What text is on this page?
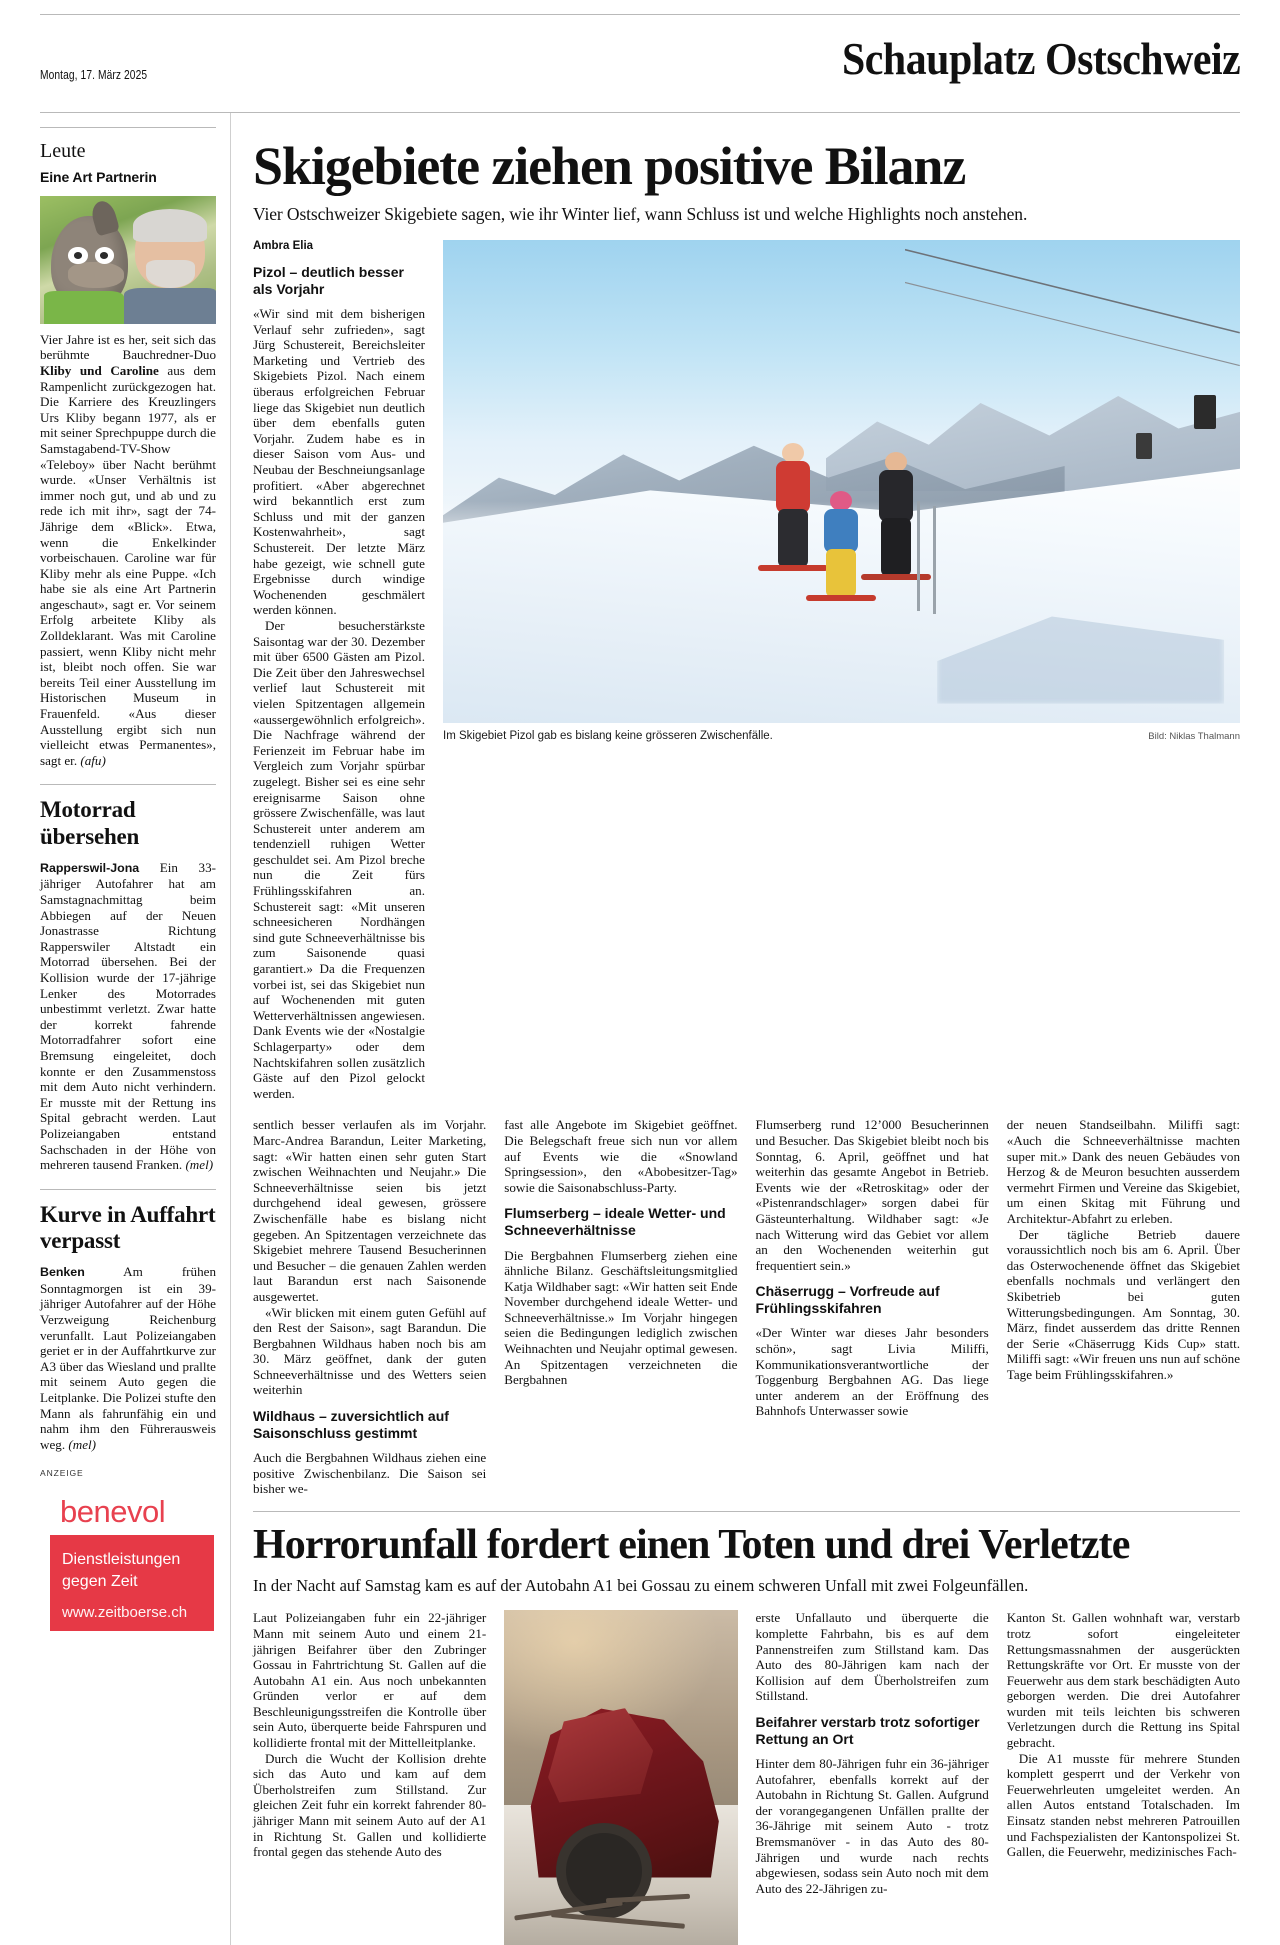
Montag, 17. März 2025	Schauplatz Ostschweiz
Leute
Eine Art Partnerin

Vier Jahre ist es her, seit sich das berühmte Bauchredner-Duo Kliby und Caroline aus dem Rampenlicht zurückgezogen hat. Die Karriere des Kreuzlingers Urs Kliby begann 1977, als er mit seiner Sprechpuppe durch die Samstagabend-TV-Show «Teleboy» über Nacht berühmt wurde. «Unser Verhältnis ist immer noch gut, und ab und zu rede ich mit ihr», sagt der 74-Jährige dem «Blick». Etwa, wenn die Enkelkinder vorbeischauen. Caroline war für Kliby mehr als eine Puppe. «Ich habe sie als eine Art Partnerin angeschaut», sagt er. Vor seinem Erfolg arbeitete Kliby als Zolldeklarant. Was mit Caroline passiert, wenn Kliby nicht mehr ist, bleibt noch offen. Sie war bereits Teil einer Ausstellung im Historischen Museum in Frauenfeld. «Aus dieser Ausstellung ergibt sich nun vielleicht etwas Permanentes», sagt er. (afu)

Motorrad übersehen

Rapperswil-Jona Ein 33-jähriger Autofahrer hat am Samstagnachmittag beim Abbiegen auf der Neuen Jonastrasse Richtung Rapperswiler Altstadt ein Motorrad übersehen. Bei der Kollision wurde der 17-jährige Lenker des Motorrades unbestimmt verletzt. Zwar hatte der korrekt fahrende Motorradfahrer sofort eine Bremsung eingeleitet, doch konnte er den Zusammenstoss mit dem Auto nicht verhindern. Er musste mit der Rettung ins Spital gebracht werden. Laut Polizeiangaben entstand Sachschaden in der Höhe von mehreren tausend Franken. (mel)

Kurve in Auffahrt verpasst

Benken Am frühen Sonntagmorgen ist ein 39-jähriger Autofahrer auf der Höhe Verzweigung Reichenburg verunfallt. Laut Polizeiangaben geriet er in der Auffahrtkurve zur A3 über das Wiesland und prallte mit seinem Auto gegen die Leitplanke. Die Polizei stufte den Mann als fahrunfähig ein und nahm ihm den Führerausweis weg. (mel)

ANZEIGE
benevol
Dienstleistungen
gegen Zeit
www.zeitboerse.ch
Skigebiete ziehen positive Bilanz

Vier Ostschweizer Skigebiete sagen, wie ihr Winter lief, wann Schluss ist und welche Highlights noch anstehen.

Ambra Elia
Pizol – deutlich besser als Vorjahr

«Wir sind mit dem bisherigen Verlauf sehr zufrieden», sagt Jürg Schustereit, Bereichsleiter Marketing und Vertrieb des Skigebiets Pizol. Nach einem überaus erfolgreichen Februar liege das Skigebiet nun deutlich über dem ebenfalls guten Vorjahr. Zudem habe es in dieser Saison vom Aus- und Neubau der Beschneiungsanlage profitiert. «Aber abgerechnet wird bekanntlich erst zum Schluss und mit der ganzen Kostenwahrheit», sagt Schustereit. Der letzte März habe gezeigt, wie schnell gute Ergebnisse durch windige Wochenenden geschmälert werden können.

Der besucherstärkste Saisontag war der 30. Dezember mit über 6500 Gästen am Pizol. Die Zeit über den Jahreswechsel verlief laut Schustereit mit vielen Spitzentagen allgemein «aussergewöhnlich erfolgreich». Die Nachfrage während der Ferienzeit im Februar habe im Vergleich zum Vorjahr spürbar zugelegt. Bisher sei es eine sehr ereignisarme Saison ohne grössere Zwischenfälle, was laut Schustereit unter anderem am tendenziell ruhigen Wetter geschuldet sei. Am Pizol breche nun die Zeit fürs Frühlingsskifahren an. Schustereit sagt: «Mit unseren schneesicheren Nordhängen sind gute Schneeverhältnisse bis zum Saisonende quasi garantiert.» Da die Frequenzen vorbei ist, sei das Skigebiet nun auf Wochenenden mit guten Wetterverhältnissen angewiesen. Dank Events wie der «Nostalgie Schlagerparty» oder dem Nachtskifahren sollen zusätzlich Gäste auf den Pizol gelockt werden.

Im Skigebiet Pizol gab es bislang keine grösseren Zwischenfälle.	Bild: Niklas Thalmann

sentlich besser verlaufen als im Vorjahr. Marc-Andrea Barandun, Leiter Marketing, sagt: «Wir hatten einen sehr guten Start zwischen Weihnachten und Neujahr.» Die Schneeverhältnisse seien bis jetzt durchgehend ideal gewesen, grössere Zwischenfälle habe es bislang nicht gegeben. An Spitzentagen verzeichnete das Skigebiet mehrere Tausend Besucherinnen und Besucher – die genauen Zahlen werden laut Barandun erst nach Saisonende ausgewertet.

«Wir blicken mit einem guten Gefühl auf den Rest der Saison», sagt Barandun. Die Bergbahnen Wildhaus haben noch bis am 30. März geöffnet, dank der guten Schneeverhältnisse und des Wetters seien weiterhin

Wildhaus – zuversichtlich auf Saisonschluss gestimmt

Auch die Bergbahnen Wildhaus ziehen eine positive Zwischenbilanz. Die Saison sei bisher we-

fast alle Angebote im Skigebiet geöffnet. Die Belegschaft freue sich nun vor allem auf Events wie die «Snowland Springsession», den «Abobesitzer-Tag» sowie die Saisonabschluss-Party.

Flumserberg – ideale Wetter- und Schneeverhältnisse

Die Bergbahnen Flumserberg ziehen eine ähnliche Bilanz. Geschäftsleitungsmitglied Katja Wildhaber sagt: «Wir hatten seit Ende November durchgehend ideale Wetter- und Schneeverhältnisse.» Im Vorjahr hingegen seien die Bedingungen lediglich zwischen Weihnachten und Neujahr optimal gewesen. An Spitzentagen verzeichneten die Bergbahnen

Flumserberg rund 12’000 Besucherinnen und Besucher. Das Skigebiet bleibt noch bis Sonntag, 6. April, geöffnet und hat weiterhin das gesamte Angebot in Betrieb. Events wie der «Retroskitag» oder der «Pistenrandschlager» sorgen dabei für Gästeunterhaltung. Wildhaber sagt: «Je nach Witterung wird das Gebiet vor allem an den Wochenenden weiterhin gut frequentiert sein.»

Chäserrugg – Vorfreude auf Frühlingsskifahren

«Der Winter war dieses Jahr besonders schön», sagt Livia Miliffi, Kommunikationsverantwortliche der Toggenburg Bergbahnen AG. Das liege unter anderem an der Eröffnung des Bahnhofs Unterwasser sowie

der neuen Standseilbahn. Miliffi sagt: «Auch die Schneeverhältnisse machten super mit.» Dank des neuen Gebäudes von Herzog & de Meuron besuchten ausserdem vermehrt Firmen und Vereine das Skigebiet, um einen Skitag mit Führung und Architektur-Abfahrt zu erleben.

Der tägliche Betrieb dauere voraussichtlich noch bis am 6. April. Über das Osterwochenende öffnet das Skigebiet ebenfalls nochmals und verlängert den Skibetrieb bei guten Witterungsbedingungen. Am Sonntag, 30. März, findet ausserdem das dritte Rennen der Serie «Chäserrugg Kids Cup» statt. Miliffi sagt: «Wir freuen uns nun auf schöne Tage beim Frühlingsskifahren.»

Horrorunfall fordert einen Toten und drei Verletzte

In der Nacht auf Samstag kam es auf der Autobahn A1 bei Gossau zu einem schweren Unfall mit zwei Folgeunfällen.

Laut Polizeiangaben fuhr ein 22-jähriger Mann mit seinem Auto und einem 21-jährigen Beifahrer über den Zubringer Gossau in Fahrtrichtung St. Gallen auf die Autobahn A1 ein. Aus noch unbekannten Gründen verlor er auf dem Beschleunigungsstreifen die Kontrolle über sein Auto, überquerte beide Fahrspuren und kollidierte frontal mit der Mittelleitplanke.

Durch die Wucht der Kollision drehte sich das Auto und kam auf dem Überholstreifen zum Stillstand. Zur gleichen Zeit fuhr ein korrekt fahrender 80-jähriger Mann mit seinem Auto auf der A1 in Richtung St. Gallen und kollidierte frontal gegen das stehende Auto des

erste Unfallauto und überquerte die komplette Fahrbahn, bis es auf dem Pannenstreifen zum Stillstand kam. Das Auto des 80-Jährigen kam nach der Kollision auf dem Überholstreifen zum Stillstand.

Beifahrer verstarb trotz sofortiger Rettung an Ort

Hinter dem 80-Jährigen fuhr ein 36-jähriger Autofahrer, ebenfalls korrekt auf der Autobahn in Richtung St. Gallen. Aufgrund der vorangegangenen Unfällen prallte der 36-Jährige mit seinem Auto - trotz Bremsmanöver - in das Auto des 80-Jährigen und wurde nach rechts abgewiesen, sodass sein Auto noch mit dem Auto des 22-Jährigen zu-

Kanton St. Gallen wohnhaft war, verstarb trotz sofort eingeleiteter Rettungsmassnahmen der ausgerückten Rettungskräfte vor Ort. Er musste von der Feuerwehr aus dem stark beschädigten Auto geborgen werden. Die drei Autofahrer wurden mit teils leichten bis schweren Verletzungen durch die Rettung ins Spital gebracht.

Die A1 musste für mehrere Stunden komplett gesperrt und der Verkehr von Feuerwehrleuten umgeleitet werden. An allen Autos entstand Totalschaden. Im Einsatz standen nebst mehreren Patrouillen und Fachspezialisten der Kantonspolizei St. Gallen, die Feuerwehr, medizinisches Fach-
